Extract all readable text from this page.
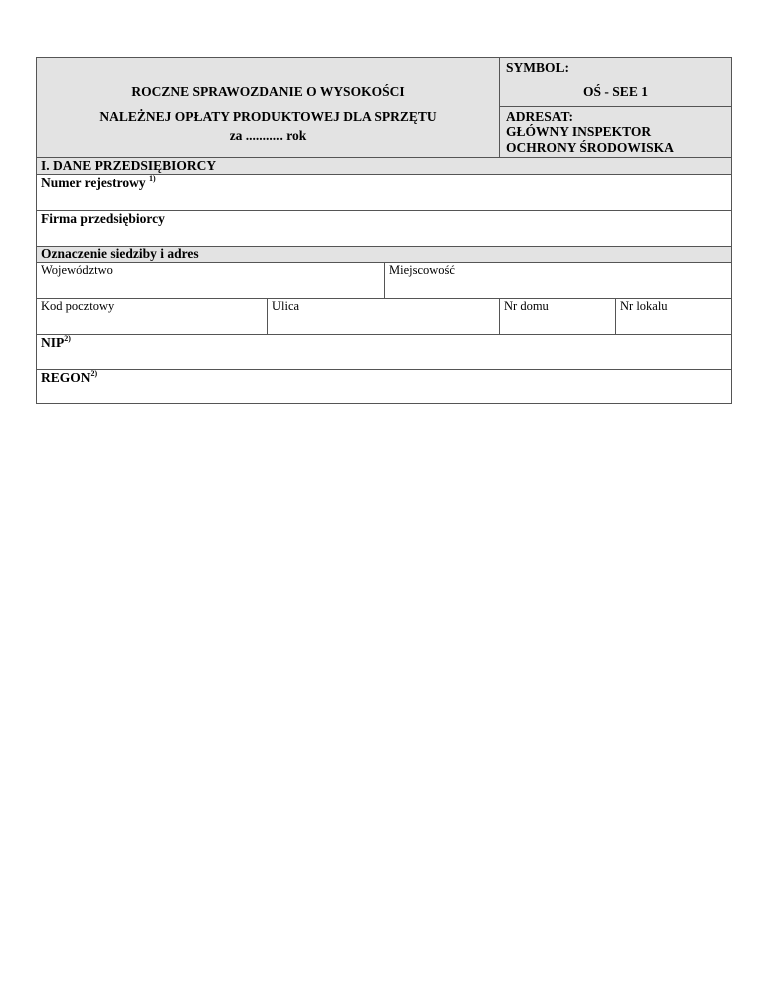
ROCZNE SPRAWOZDANIE O WYSOKOŚCI
NALEŻNEJ OPŁATY PRODUKTOWEJ DLA SPRZĘTU
za ........... rok
SYMBOL:
OŚ - SEE 1
ADRESAT:
GŁÓWNY INSPEKTOR
OCHRONY ŚRODOWISKA
I. DANE PRZEDSIĘBIORCY
Numer rejestrowy $^{1)}$
Firma przedsiębiorcy
Oznaczenie siedziby i adres
Województwo	Miejscowość
Kod pocztowy	Ulica	Nr domu	Nr lokalu
NIP$^{2)}$
REGON$^{2)}$
